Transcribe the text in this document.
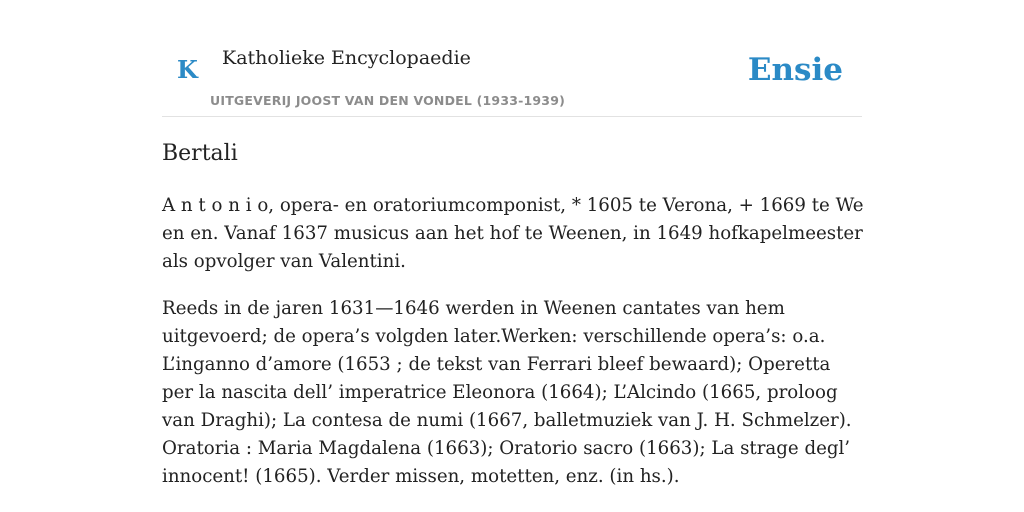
K Katholieke Encyclopaedie
UITGEVERIJ JOOST VAN DEN VONDEL (1933-1939)
Ensie
Bertali

A n t o n i o, opera- en oratoriumcomponist, * 1605 te Verona, + 1669 te We en en. Vanaf 1637 musicus aan het hof te Weenen, in 1649 hofkapelmeester als opvolger van Valentini.

Reeds in de jaren 1631—1646 werden in Weenen cantates van hem uitgevoerd; de opera’s volgden later.Werken: verschillende opera’s: o.a. L’inganno d’amore (1653 ; de tekst van Ferrari bleef bewaard); Operetta per la nascita dell’ imperatrice Eleonora (1664); L’Alcindo (1665, proloog van Draghi); La contesa de numi (1667, balletmuziek van J. H. Schmelzer). Oratoria : Maria Magdalena (1663); Oratorio sacro (1663); La strage degl’ innocent! (1665). Verder missen, motetten, enz. (in hs.).
